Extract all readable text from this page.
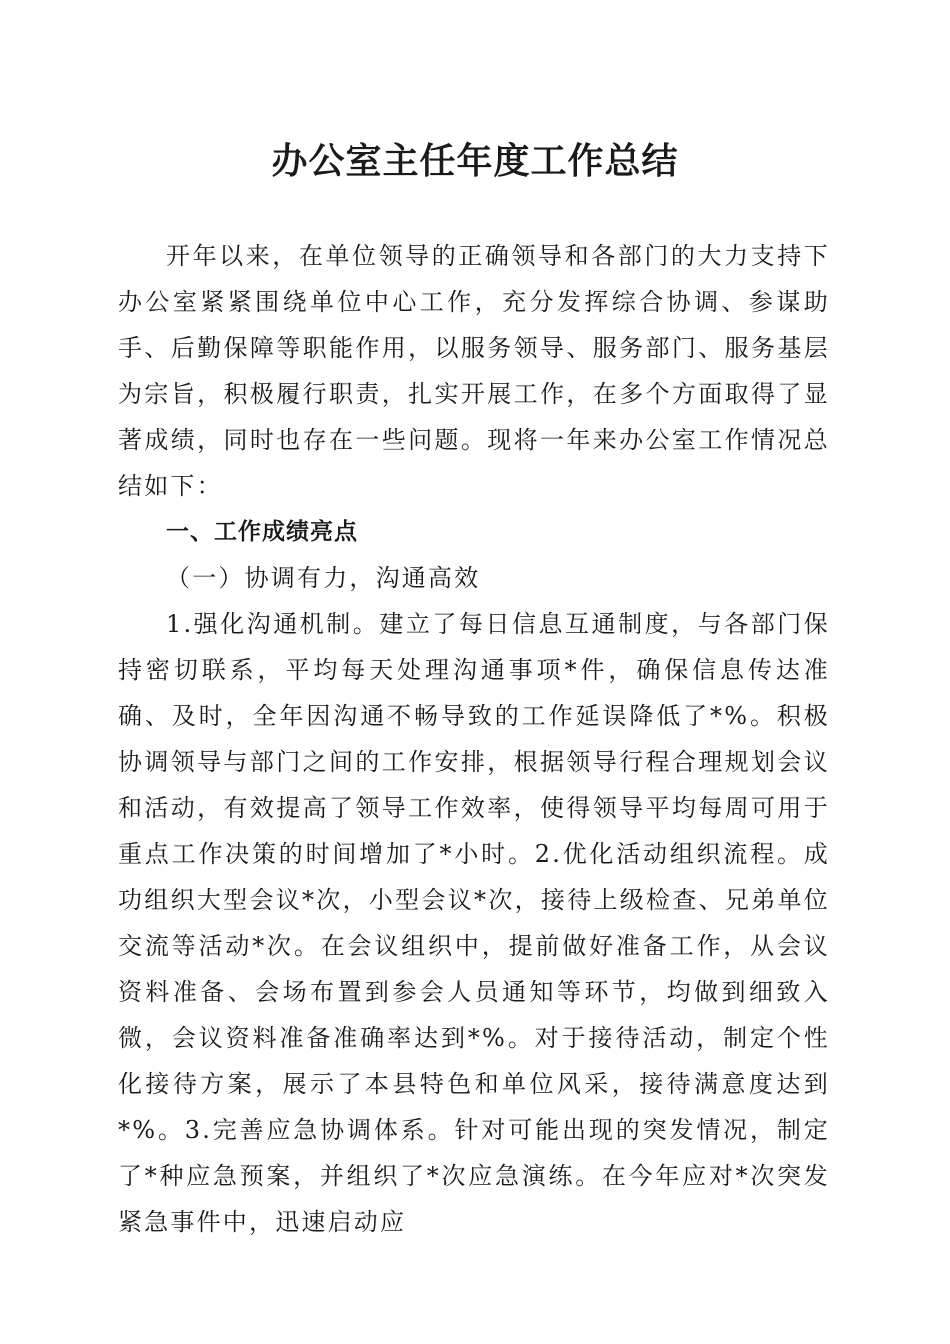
办公室主任年度工作总结

开年以来，在单位领导的正确领导和各部门的大力支持下办公室紧紧围绕单位中心工作，充分发挥综合协调、参谋助手、后勤保障等职能作用，以服务领导、服务部门、服务基层为宗旨，积极履行职责，扎实开展工作，在多个方面取得了显著成绩，同时也存在一些问题。现将一年来办公室工作情况总结如下：

一、工作成绩亮点

（一）协调有力，沟通高效

1.强化沟通机制。建立了每日信息互通制度，与各部门保持密切联系，平均每天处理沟通事项*件，确保信息传达准确、及时，全年因沟通不畅导致的工作延误降低了*%。积极协调领导与部门之间的工作安排，根据领导行程合理规划会议和活动，有效提高了领导工作效率，使得领导平均每周可用于重点工作决策的时间增加了*小时。2.优化活动组织流程。成功组织大型会议*次，小型会议*次，接待上级检查、兄弟单位交流等活动*次。在会议组织中，提前做好准备工作，从会议资料准备、会场布置到参会人员通知等环节，均做到细致入微，会议资料准备准确率达到*%。对于接待活动，制定个性化接待方案，展示了本县特色和单位风采，接待满意度达到*%。3.完善应急协调体系。针对可能出现的突发情况，制定了*种应急预案，并组织了*次应急演练。在今年应对*次突发紧急事件中，迅速启动应
